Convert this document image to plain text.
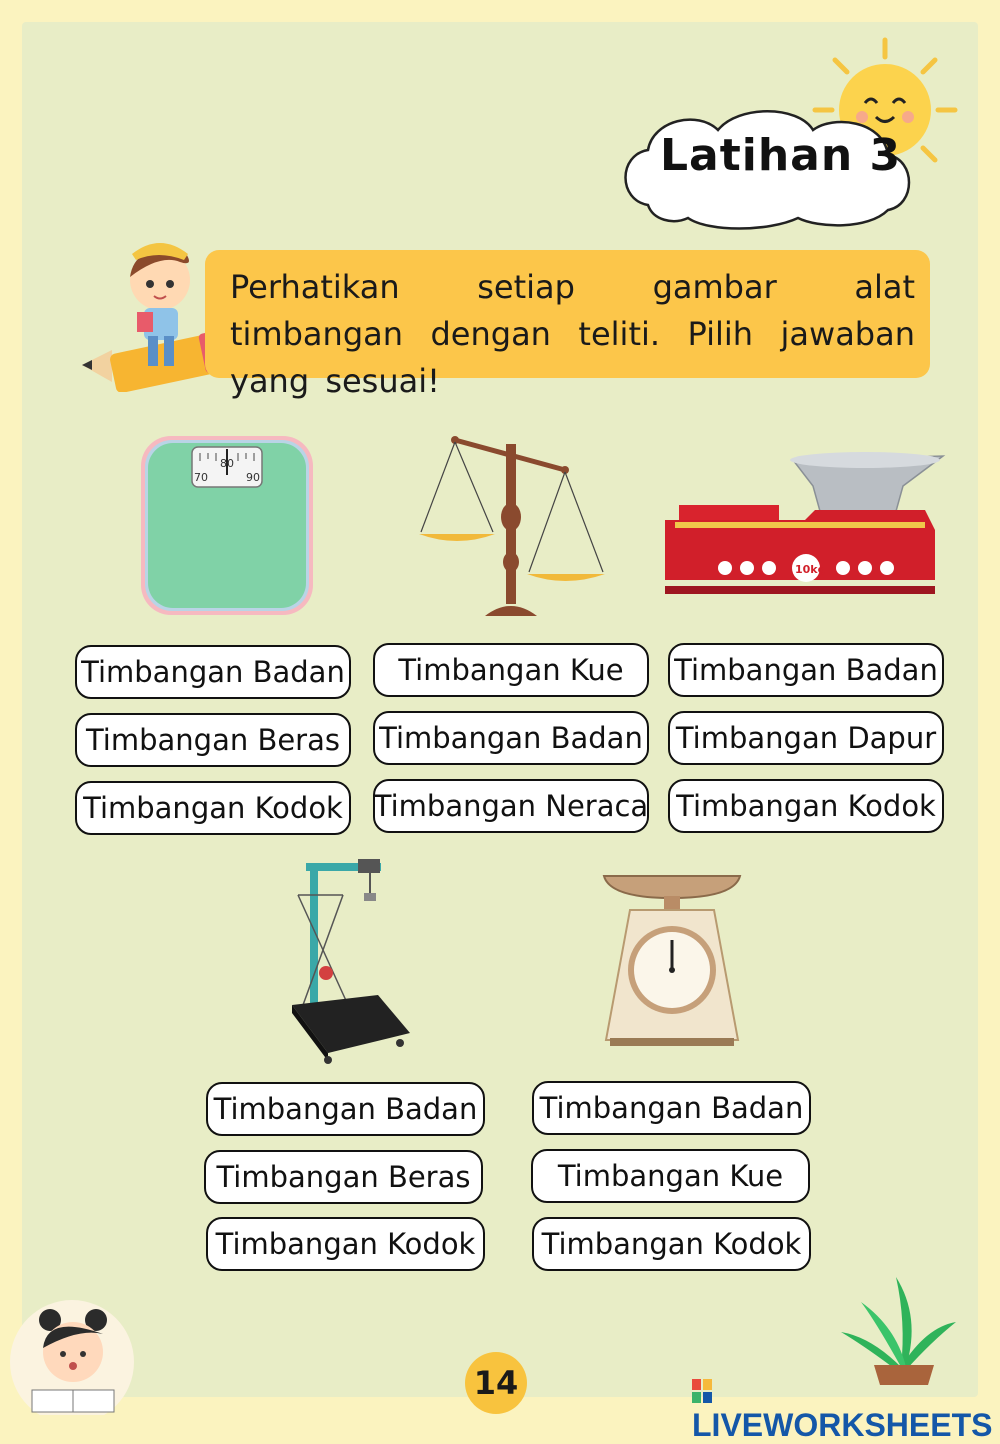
Latihan 3
Perhatikan setiap gambar alat timbangan dengan teliti. Pilih jawaban yang sesuai!
70
80
90
10kg
Timbangan Badan
Timbangan Beras
Timbangan Kodok
Timbangan Kue
Timbangan Badan
Timbangan Neraca
Timbangan Badan
Timbangan Dapur
Timbangan Kodok
Timbangan Badan
Timbangan Beras
Timbangan Kodok
Timbangan Badan
Timbangan Kue
Timbangan Kodok
14
LIVEWORKSHEETS
